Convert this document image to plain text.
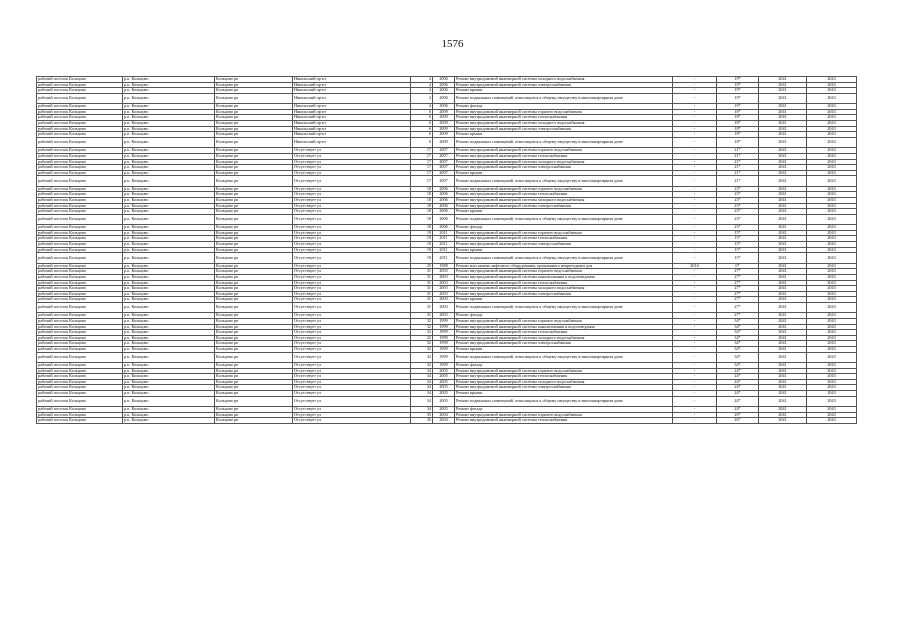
1576
рабочий поселок Кольцово	р.п. Кольцово	Кольцово рп	Никольский пр-кт	4	2006	Ремонт внутридомовой инженерной системы холодного водоснабжения	-	19*	2041	2043
рабочий поселок Кольцово	р.п. Кольцово	Кольцово рп	Никольский пр-кт	4	2006	Ремонт внутридомовой инженерной системы электроснабжения	-	19*	2041	2043
рабочий поселок Кольцово	р.п. Кольцово	Кольцово рп	Никольский пр-кт	4	2006	Ремонт крыши	-	19*	2041	2043
рабочий поселок Кольцово	р.п. Кольцово	Кольцово рп	Никольский пр-кт	4	2006	Ремонт подвальных помещений, относящихся к общему имуществу в многоквартирном доме	-	19*	2041	2043
рабочий поселок Кольцово	р.п. Кольцово	Кольцово рп	Никольский пр-кт	4	2006	Ремонт фасада	-	19*	2041	2043
рабочий поселок Кольцово	р.п. Кольцово	Кольцово рп	Никольский пр-кт	6	2009	Ремонт внутридомовой инженерной системы горячего водоснабжения	-	18*	2041	2043
рабочий поселок Кольцово	р.п. Кольцово	Кольцово рп	Никольский пр-кт	6	2009	Ремонт внутридомовой инженерной системы теплоснабжения	-	18*	2041	2043
рабочий поселок Кольцово	р.п. Кольцово	Кольцово рп	Никольский пр-кт	6	2009	Ремонт внутридомовой инженерной системы холодного водоснабжения	-	18*	2041	2043
рабочий поселок Кольцово	р.п. Кольцово	Кольцово рп	Никольский пр-кт	6	2009	Ремонт внутридомовой инженерной системы электроснабжения	-	18*	2041	2043
рабочий поселок Кольцово	р.п. Кольцово	Кольцово рп	Никольский пр-кт	6	2009	Ремонт крыши	-	18*	2041	2043
рабочий поселок Кольцово	р.п. Кольцово	Кольцово рп	Никольский пр-кт	6	2009	Ремонт подвальных помещений, относящихся к общему имуществу в многоквартирном доме	-	18*	2041	2043
рабочий поселок Кольцово	р.п. Кольцово	Кольцово рп	Отсутствует ул	17	2007	Ремонт внутридомовой инженерной системы горячего водоснабжения	-	21*	2041	2043
рабочий поселок Кольцово	р.п. Кольцово	Кольцово рп	Отсутствует ул	17	2007	Ремонт внутридомовой инженерной системы теплоснабжения	-	21*	2041	2043
рабочий поселок Кольцово	р.п. Кольцово	Кольцово рп	Отсутствует ул	17	2007	Ремонт внутридомовой инженерной системы холодного водоснабжения	-	21*	2041	2043
рабочий поселок Кольцово	р.п. Кольцово	Кольцово рп	Отсутствует ул	17	2007	Ремонт внутридомовой инженерной системы электроснабжения	-	21*	2041	2043
рабочий поселок Кольцово	р.п. Кольцово	Кольцово рп	Отсутствует ул	17	2007	Ремонт крыши	-	21*	2041	2043
рабочий поселок Кольцово	р.п. Кольцово	Кольцово рп	Отсутствует ул	17	2007	Ремонт подвальных помещений, относящихся к общему имуществу в многоквартирном доме	-	21*	2041	2043
рабочий поселок Кольцово	р.п. Кольцово	Кольцово рп	Отсутствует ул	18	2006	Ремонт внутридомовой инженерной системы горячего водоснабжения	-	23*	2041	2043
рабочий поселок Кольцово	р.п. Кольцово	Кольцово рп	Отсутствует ул	18	2006	Ремонт внутридомовой инженерной системы теплоснабжения	-	23*	2041	2043
рабочий поселок Кольцово	р.п. Кольцово	Кольцово рп	Отсутствует ул	18	2006	Ремонт внутридомовой инженерной системы холодного водоснабжения	-	23*	2041	2043
рабочий поселок Кольцово	р.п. Кольцово	Кольцово рп	Отсутствует ул	18	2006	Ремонт внутридомовой инженерной системы электроснабжения	-	23*	2041	2043
рабочий поселок Кольцово	р.п. Кольцово	Кольцово рп	Отсутствует ул	18	2006	Ремонт крыши	-	23*	2041	2043
рабочий поселок Кольцово	р.п. Кольцово	Кольцово рп	Отсутствует ул	18	2006	Ремонт подвальных помещений, относящихся к общему имуществу в многоквартирном доме	-	23*	2041	2043
рабочий поселок Кольцово	р.п. Кольцово	Кольцово рп	Отсутствует ул	18	2006	Ремонт фасада	-	23*	2041	2043
рабочий поселок Кольцово	р.п. Кольцово	Кольцово рп	Отсутствует ул	19	2011	Ремонт внутридомовой инженерной системы горячего водоснабжения	-	15*	2041	2043
рабочий поселок Кольцово	р.п. Кольцово	Кольцово рп	Отсутствует ул	19	2011	Ремонт внутридомовой инженерной системы теплоснабжения	-	15*	2041	2043
рабочий поселок Кольцово	р.п. Кольцово	Кольцово рп	Отсутствует ул	19	2011	Ремонт внутридомовой инженерной системы электроснабжения	-	15*	2041	2043
рабочий поселок Кольцово	р.п. Кольцово	Кольцово рп	Отсутствует ул	19	2011	Ремонт крыши	-	15*	2041	2043
рабочий поселок Кольцово	р.п. Кольцово	Кольцово рп	Отсутствует ул	19	2011	Ремонт подвальных помещений, относящихся к общему имуществу в многоквартирном доме	-	15*	2041	2043
рабочий поселок Кольцово	р.п. Кольцово	Кольцово рп	Отсутствует ул	25	1988	Ремонт или замена лифтового оборудования, признанного непригодным для	2016	0*	2041	2043
рабочий поселок Кольцово	р.п. Кольцово	Кольцово рп	Отсутствует ул	31	2003	Ремонт внутридомовой инженерной системы горячего водоснабжения	-	27*	2041	2043
рабочий поселок Кольцово	р.п. Кольцово	Кольцово рп	Отсутствует ул	31	2003	Ремонт внутридомовой инженерной системы канализования и водоотведения	-	27*	2041	2043
рабочий поселок Кольцово	р.п. Кольцово	Кольцово рп	Отсутствует ул	31	2003	Ремонт внутридомовой инженерной системы теплоснабжения	-	27*	2041	2043
рабочий поселок Кольцово	р.п. Кольцово	Кольцово рп	Отсутствует ул	31	2003	Ремонт внутридомовой инженерной системы холодного водоснабжения	-	27*	2041	2043
рабочий поселок Кольцово	р.п. Кольцово	Кольцово рп	Отсутствует ул	31	2003	Ремонт внутридомовой инженерной системы электроснабжения	-	27*	2041	2043
рабочий поселок Кольцово	р.п. Кольцово	Кольцово рп	Отсутствует ул	31	2003	Ремонт крыши	-	27*	2041	2043
рабочий поселок Кольцово	р.п. Кольцово	Кольцово рп	Отсутствует ул	31	2003	Ремонт подвальных помещений, относящихся к общему имуществу в многоквартирном доме	-	27*	2041	2043
рабочий поселок Кольцово	р.п. Кольцово	Кольцово рп	Отсутствует ул	31	2003	Ремонт фасада	-	27*	2041	2043
рабочий поселок Кольцово	р.п. Кольцово	Кольцово рп	Отсутствует ул	32	1999	Ремонт внутридомовой инженерной системы горячего водоснабжения	-	34*	2041	2043
рабочий поселок Кольцово	р.п. Кольцово	Кольцово рп	Отсутствует ул	32	1999	Ремонт внутридомовой инженерной системы канализования и водоотведения	-	34*	2041	2043
рабочий поселок Кольцово	р.п. Кольцово	Кольцово рп	Отсутствует ул	32	1999	Ремонт внутридомовой инженерной системы теплоснабжения	-	34*	2041	2043
рабочий поселок Кольцово	р.п. Кольцово	Кольцово рп	Отсутствует ул	32	1999	Ремонт внутридомовой инженерной системы холодного водоснабжения	-	34*	2041	2043
рабочий поселок Кольцово	р.п. Кольцово	Кольцово рп	Отсутствует ул	32	1999	Ремонт внутридомовой инженерной системы электроснабжения	-	34*	2041	2043
рабочий поселок Кольцово	р.п. Кольцово	Кольцово рп	Отсутствует ул	32	1999	Ремонт крыши	-	34*	2041	2043
рабочий поселок Кольцово	р.п. Кольцово	Кольцово рп	Отсутствует ул	32	1999	Ремонт подвальных помещений, относящихся к общему имуществу в многоквартирном доме	-	34*	2041	2043
рабочий поселок Кольцово	р.п. Кольцово	Кольцово рп	Отсутствует ул	32	1999	Ремонт фасада	-	34*	2041	2043
рабочий поселок Кольцово	р.п. Кольцово	Кольцово рп	Отсутствует ул	34	2005	Ремонт внутридомовой инженерной системы горячего водоснабжения	-	24*	2041	2043
рабочий поселок Кольцово	р.п. Кольцово	Кольцово рп	Отсутствует ул	34	2005	Ремонт внутридомовой инженерной системы теплоснабжения	-	24*	2041	2043
рабочий поселок Кольцово	р.п. Кольцово	Кольцово рп	Отсутствует ул	34	2005	Ремонт внутридомовой инженерной системы холодного водоснабжения	-	24*	2041	2043
рабочий поселок Кольцово	р.п. Кольцово	Кольцово рп	Отсутствует ул	34	2005	Ремонт внутридомовой инженерной системы электроснабжения	-	24*	2041	2043
рабочий поселок Кольцово	р.п. Кольцово	Кольцово рп	Отсутствует ул	34	2005	Ремонт крыши	-	24*	2041	2043
рабочий поселок Кольцово	р.п. Кольцово	Кольцово рп	Отсутствует ул	34	2005	Ремонт подвальных помещений, относящихся к общему имуществу в многоквартирном доме	-	24*	2041	2043
рабочий поселок Кольцово	р.п. Кольцово	Кольцово рп	Отсутствует ул	34	2005	Ремонт фасада	-	24*	2041	2043
рабочий поселок Кольцово	р.п. Кольцово	Кольцово рп	Отсутствует ул	35	2004	Ремонт внутридомовой инженерной системы горячего водоснабжения	-	26*	2041	2043
рабочий поселок Кольцово	р.п. Кольцово	Кольцово рп	Отсутствует ул	35	2004	Ремонт внутридомовой инженерной системы теплоснабжения	-	26*	2041	2043
